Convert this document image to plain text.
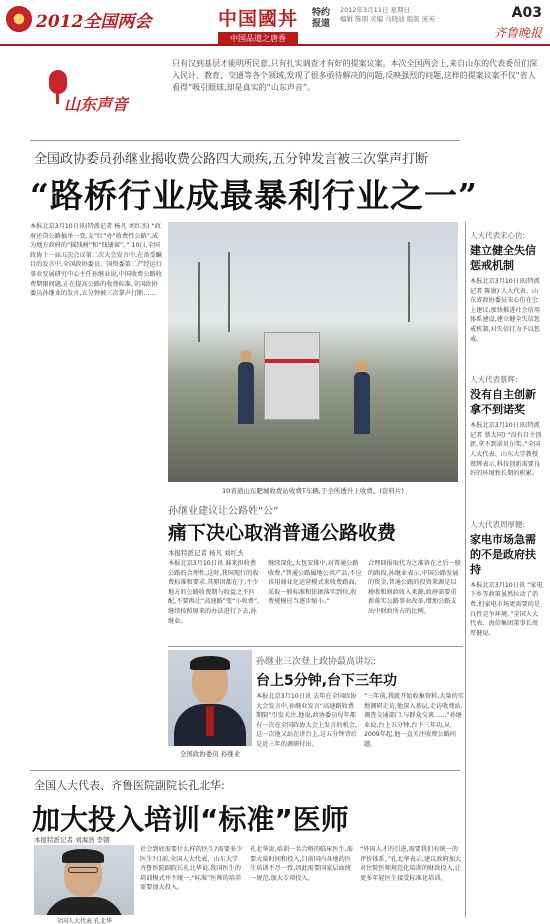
2012全国两会	中国國丼
中国品道之唐香
特约报道
2012年3月11日 星期日
编辑 陈朋 美编 马晓迪 组版 庞英	A03
齐鲁晚报
山东声音
只有汉到基层才能明所民意,只有扎实调查才有好的提案议案。本次全国两会上,来自山东的代表委员们深入民计、教育、交通等各个领域,发现了很多亟待解决的问题,反映强烈的问题,这样的提案议案不仅“省人看得”吸引眼球,却是真实的“山东声音”。
全国政协委员孙继业揭收费公路四大顽疾,五分钟发言被三次掌声打断
“路桥行业成最暴利行业之一”
本报北京3月10日讯(特派记者 杨凡 刘红杰) “政府还贷公路搞单一变,支“红”办“收费性公路”,成为地方政府的“摇钱树”和“钱铺窗”。” 10日,全国政协十一届五次会议第二次大会发言中,在备受瞩目的发言中,全国政协委员、国资委第二产经运行事业发展研究中心主任孙继业说,中国收费公路收费期限问题,正在提高公路的收费标准,全国政协委员孙继业的发言,五分钟被三次掌声打断……
10省道山东肥城收费站收费T车辆,于全所透升上收费。(资料片)
孙继业建议让公路姓“公”
痛下决心取消普通公路收费
本报特派记者 杨凡 刘红杰
本报北京3月10日讯 谁来担收费公路的合理性,这时,我国现行的收费标准和要求,其原因都在于,不少地方的公路收费期与收益之不匹配,不要再让“高速路”变“小收费”,继续按照原来的办法进行下去,孙继业。
继续深化,大包安排中,对普通公路收费,“普通公路属地公共产品,不应该用商业化运营模式来收费路面,采取一般标准和依据落实到位,收费规模应当逐步缩小。”
合理回报取代为之准备在之后一般的路段,孙继业表示,中国公路发展的资金,普通公路的投资来源是以税收和财政收入来源,政府需要重新落实公路事业改革,增加公路支出中财政所占的比例。
全国政协委员 孙继业
孙继业三次登上政协最高讲坛:
台上5分钟,台下三年功
本报北京3月10日讯 去年在全国政协大会发言中,孙继业发言“高速路收费期限”引发关注,他说,政协委员每年都有一次在全国政协大会上发言的机会,这一次他又站在讲台上,这五分钟背后是近三年的调研付出。
“三年前,我就开始收集资料,大量的实地调研走访,他深入基层,走访收费站,调查交通部门,与群众交谈……”孙继业说,台上五分钟,台下三年功,从2009年起,他一直关注收费公路问题。
人大代表宋心仿:
建立健全失信惩戒机制
本报北京3月10日讯(特派记者 陈康) 人大代表、山东省政协委员宋心仿在会上建议,加快推进社会信用体系建设,建立健全失信惩戒机制,对失信行为予以惩戒。
人大代表蔡辉:
没有自主创新拿不到诺奖
本报北京3月10日讯(特派记者 蔡大同) “没有自主创新,拿不到诺贝尔奖。”全国人大代表、山东大学教授蔡辉表示,科技创新需要良好的环境和长期的积累。
人大代表周厚健:
家电市场急需的不是政府扶持
本报北京3月10日讯 “家电下乡等政策虽然拉动了消费,但家电市场更需要的是良性竞争环境。”全国人大代表、海信集团董事长周厚健说。
全国人大代表、齐鲁医院副院长孔北华:
加大投入培训“标准”医师
本报特派记者 刘海浩 李钢
全国人大代表 孔北华
社会到底需要什么样的医生?需要多少医生?日前,全国人大代表、山东大学齐鲁医院副院长孔北华说,我国医生的培训模式并不统一,“标准”医师的培养需要加大投入。
孔北华说,培训一名合格的临床医生,需要大量时间和投入,目前国内各地的医生培训不尽一致,因此需要国家层面统一规范,加大专项投入。
“外国人才的引进,需要我们有统一的评价体系。”孔北华表示,建议政府加大对住院医师规范化培训的财政投入,让更多年轻医生接受标准化培训。
